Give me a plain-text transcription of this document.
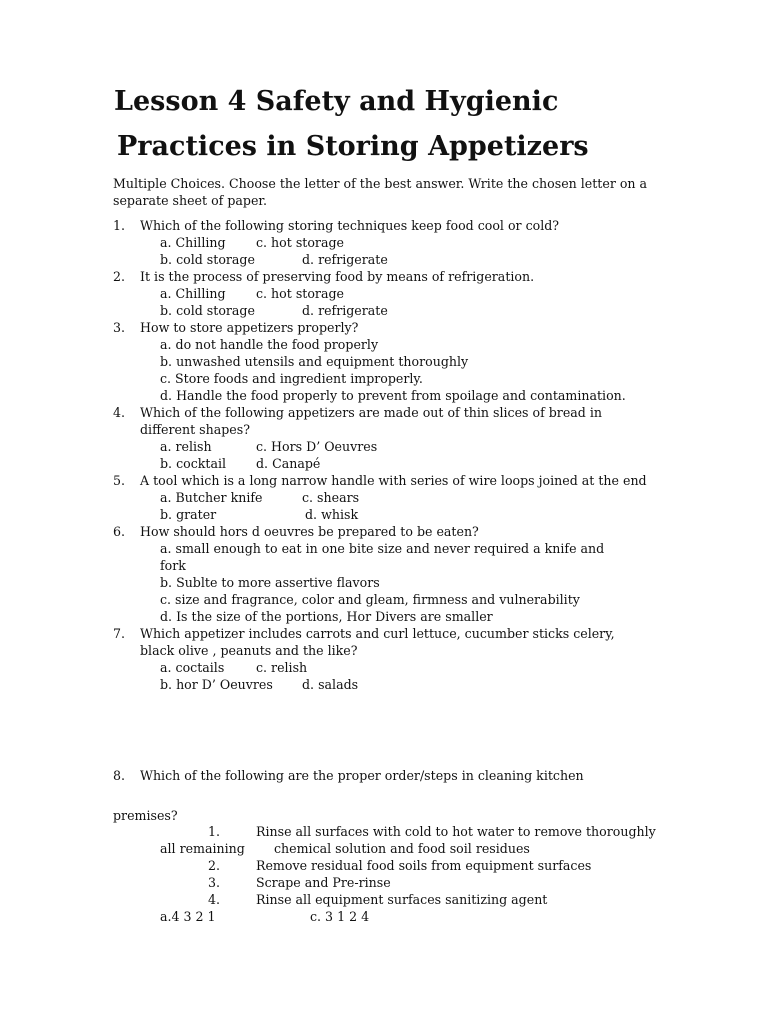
Lesson 4 Safety and Hygienic
Practices in Storing Appetizers
Multiple Choices. Choose the letter of the best answer. Write the chosen letter on a
separate sheet of paper.
1. Which of the following storing techniques keep food cool or cold?
a. Chilling c. hot storage
b. cold storage	d. refrigerate
2. It is the process of preserving food by means of refrigeration.
a. Chilling c. hot storage
b. cold storage	d. refrigerate
3. How to store appetizers properly?
a. do not handle the food properly
b. unwashed utensils and equipment thoroughly
c. Store foods and ingredient improperly.
d. Handle the food properly to prevent from spoilage and contamination.
4. Which of the following appetizers are made out of thin slices of bread in
different shapes?
a. relish	c. Hors D’ Oeuvres
b. cocktail d. Canapé
5. A tool which is a long narrow handle with series of wire loops joined at the end
a. Butcher knife	c. shears
b. grater	d. whisk
6. How should hors d oeuvres be prepared to be eaten?
a. small enough to eat in one bite size and never required a knife and
fork
b. Sublte to more assertive flavors
c. size and fragrance, color and gleam, firmness and vulnerability
d. Is the size of the portions, Hor Divers are smaller
7. Which appetizer includes carrots and curl lettuce, cucumber sticks celery,
black olive , peanuts and the like?
a. coctails	c. relish
b. hor D’ Oeuvres d. salads
8. Which of the following are the proper order/steps in cleaning kitchen
premises?
1.	Rinse all surfaces with cold to hot water to remove thoroughly
all remaining chemical solution and food soil residues
2.	Remove residual food soils from equipment surfaces
3.	Scrape and Pre-rinse
4.	Rinse all equipment surfaces sanitizing agent
a.4 3 2 1	c. 3 1 2 4
